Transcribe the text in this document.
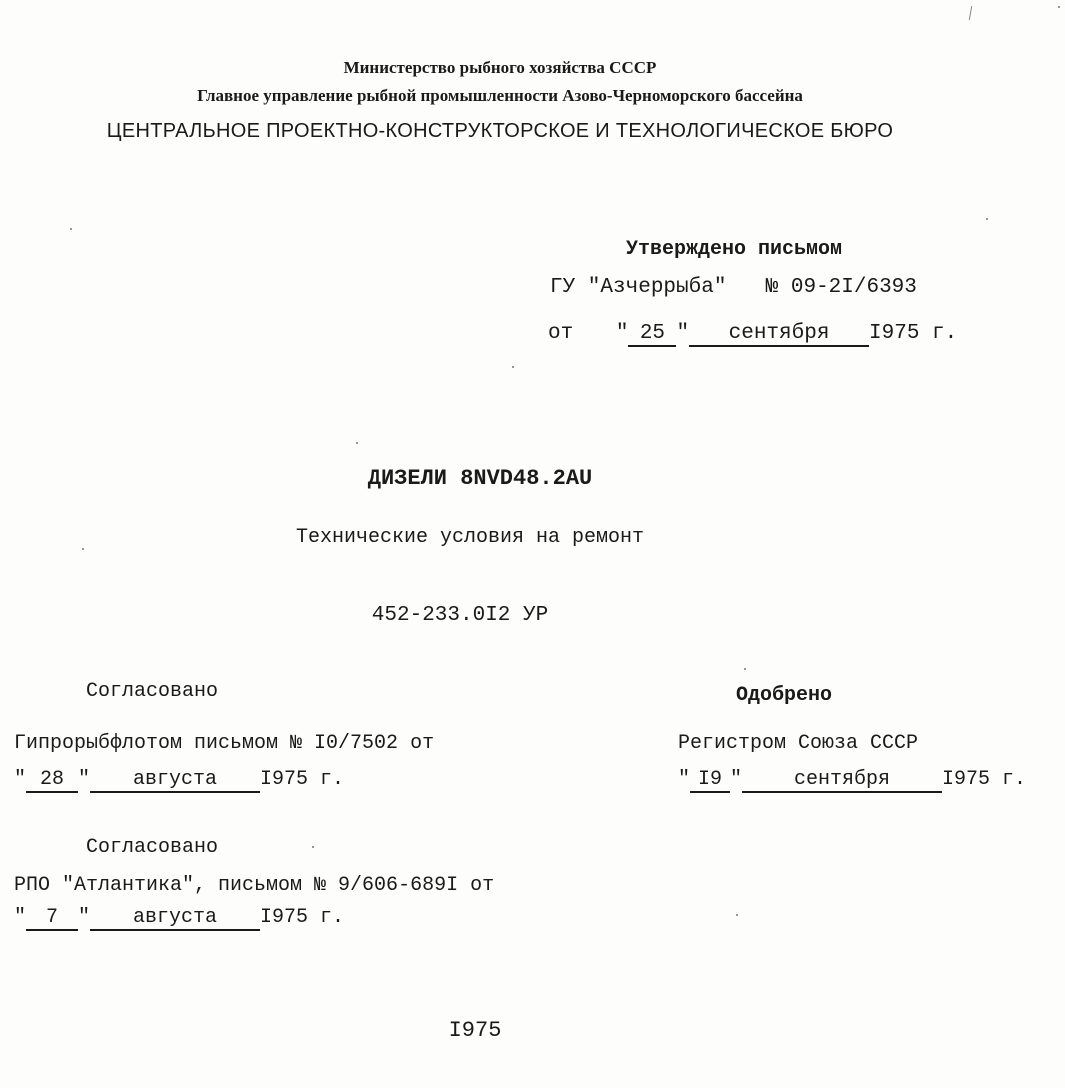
Министерство рыбного хозяйства СССР
Главное управление рыбной промышленности Азово-Черноморского бассейна
ЦЕНТРАЛЬНОЕ ПРОЕКТНО-КОНСТРУКТОРСКОЕ И ТЕХНОЛОГИЧЕСКОЕ БЮРО
Утверждено письмом
ГУ "Азчеррыба" № 09-2I/6393
от " 25 " сентября I975 г.
ДИЗЕЛИ 8NVD48.2AU
Технические условия на ремонт
452-233.0I2 УР
Согласовано
Гипрорыбфлотом письмом № I0/7502 от
" 28 " августа I975 г.
Одобрено
Регистром Союза СССР
" I9 "	сентября	I975 г.
Согласовано
РПО "Атлантика", письмом № 9/606-689I от
" 7 " августа I975 г.
I975
